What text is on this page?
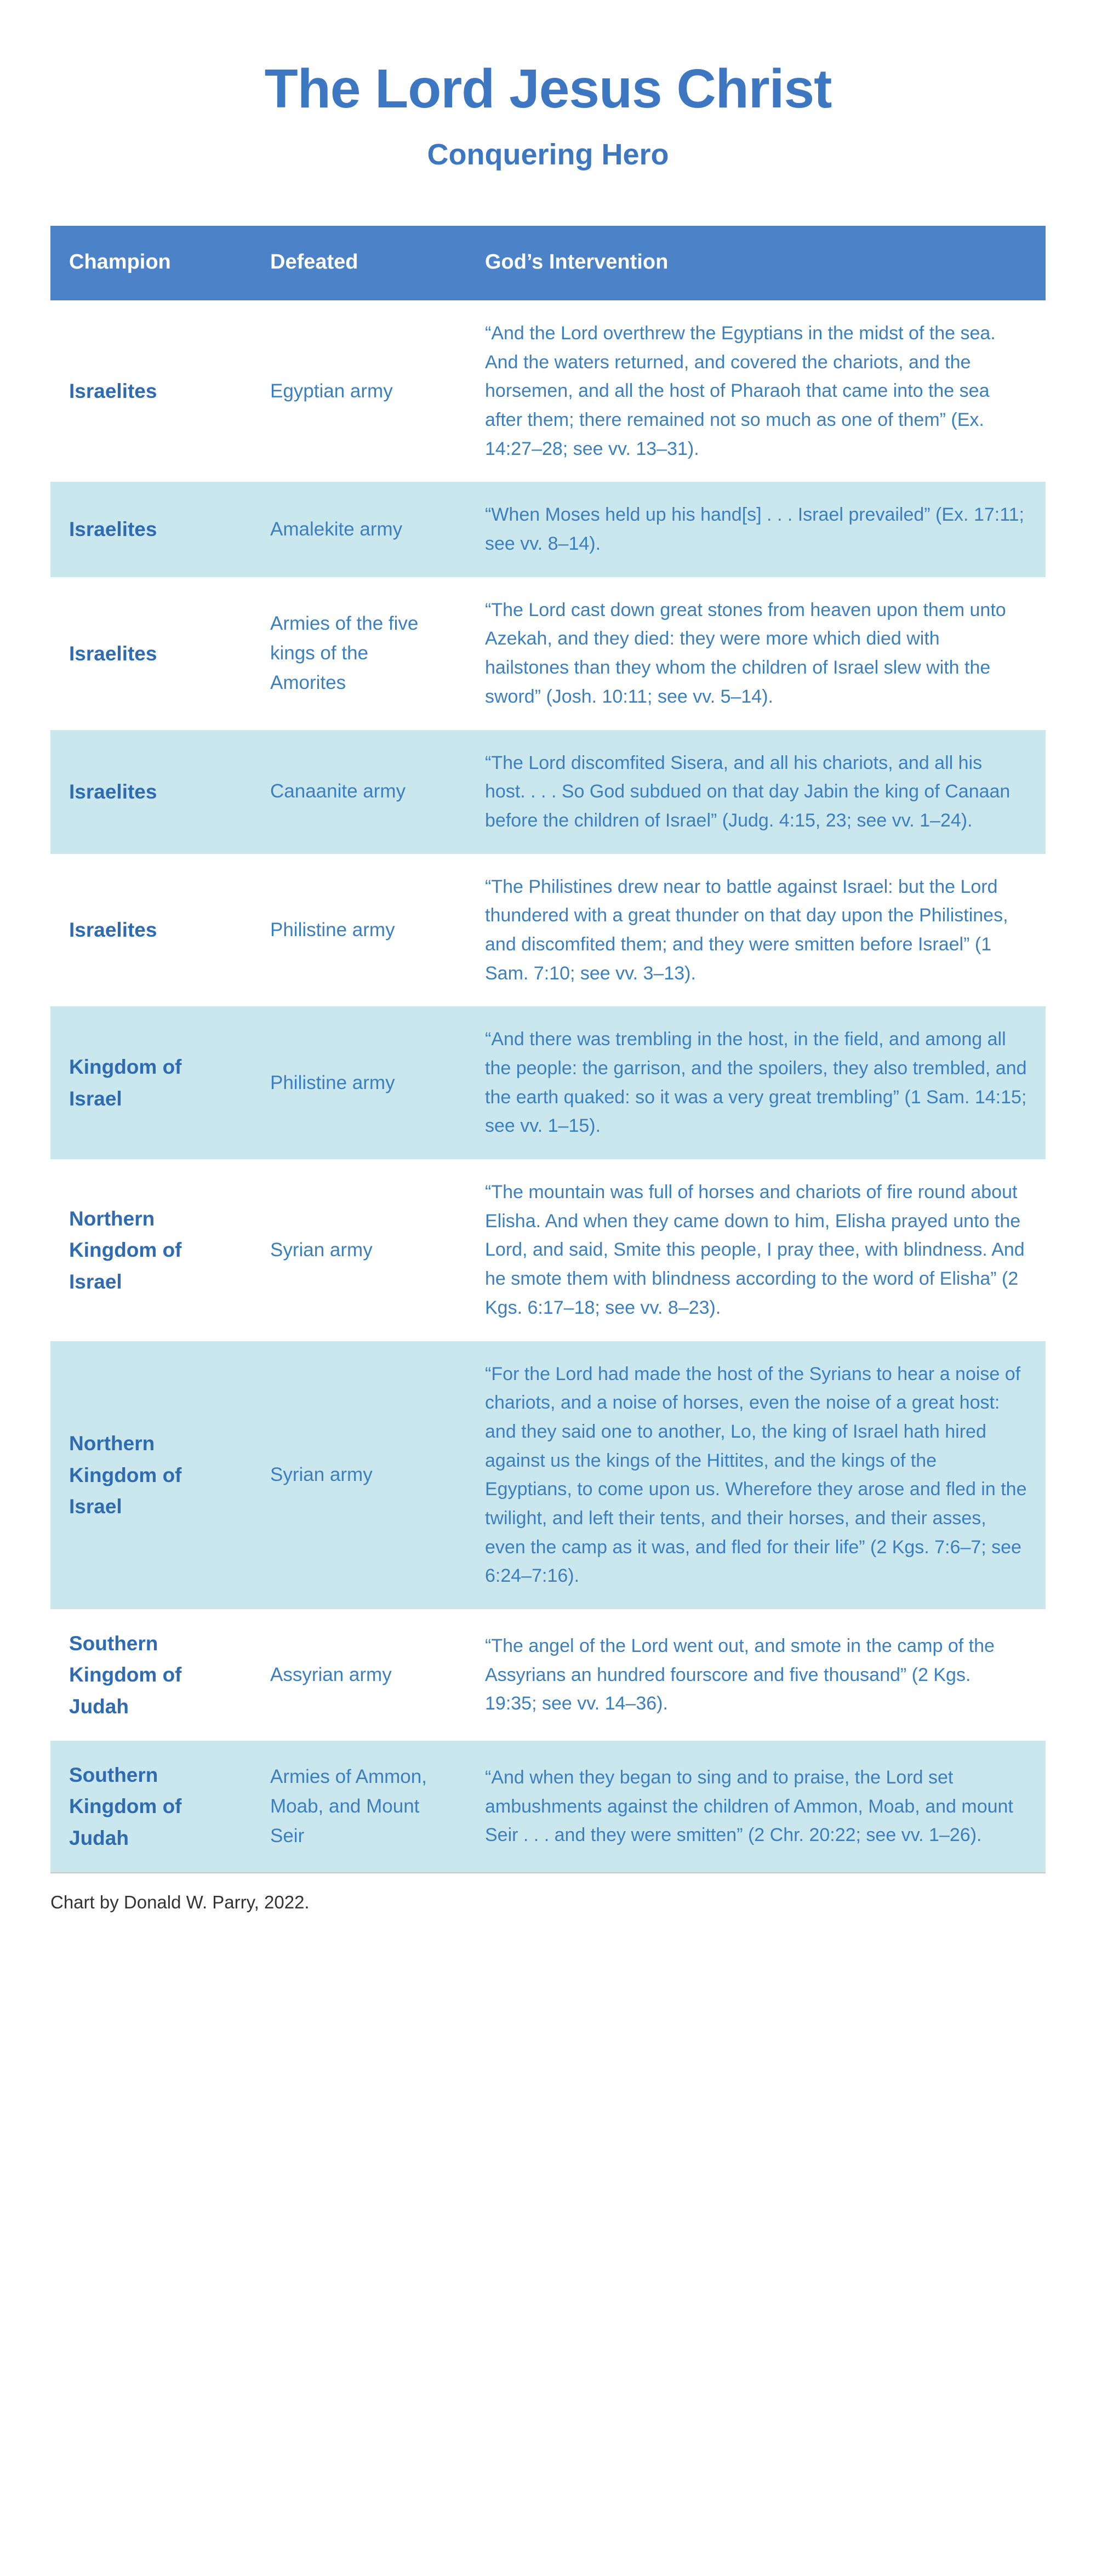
The Lord Jesus Christ
Conquering Hero
Champion	Defeated	God’s Intervention
Israelites	Egyptian army	“And the Lord overthrew the Egyptians in the midst of the sea. And the waters returned, and covered the chariots, and the horsemen, and all the host of Pharaoh that came into the sea after them; there remained not so much as one of them” (Ex. 14:27–28; see vv. 13–31).
Israelites	Amalekite army	“When Moses held up his hand[s] . . . Israel prevailed” (Ex. 17:11; see vv. 8–14).
Israelites	Armies of the five kings of the Amorites	“The Lord cast down great stones from heaven upon them unto Azekah, and they died: they were more which died with hailstones than they whom the children of Israel slew with the sword” (Josh. 10:11; see vv. 5–14).
Israelites	Canaanite army	“The Lord discomfited Sisera, and all his chariots, and all his host. . . . So God subdued on that day Jabin the king of Canaan before the children of Israel” (Judg. 4:15, 23; see vv. 1–24).
Israelites	Philistine army	“The Philistines drew near to battle against Israel: but the Lord thundered with a great thunder on that day upon the Philistines, and discomfited them; and they were smitten before Israel” (1 Sam. 7:10; see vv. 3–13).
Kingdom of Israel	Philistine army	“And there was trembling in the host, in the field, and among all the people: the garrison, and the spoilers, they also trembled, and the earth quaked: so it was a very great trembling” (1 Sam. 14:15; see vv. 1–15).
Northern Kingdom of Israel	Syrian army	“The mountain was full of horses and chariots of fire round about Elisha. And when they came down to him, Elisha prayed unto the Lord, and said, Smite this people, I pray thee, with blindness. And he smote them with blindness according to the word of Elisha” (2 Kgs. 6:17–18; see vv. 8–23).
Northern Kingdom of Israel	Syrian army	“For the Lord had made the host of the Syrians to hear a noise of chariots, and a noise of horses, even the noise of a great host: and they said one to another, Lo, the king of Israel hath hired against us the kings of the Hittites, and the kings of the Egyptians, to come upon us. Wherefore they arose and fled in the twilight, and left their tents, and their horses, and their asses, even the camp as it was, and fled for their life” (2 Kgs. 7:6–7; see 6:24–7:16).
Southern Kingdom of Judah	Assyrian army	“The angel of the Lord went out, and smote in the camp of the Assyrians an hundred fourscore and five thousand” (2 Kgs. 19:35; see vv. 14–36).
Southern Kingdom of Judah	Armies of Ammon, Moab, and Mount Seir	“And when they began to sing and to praise, the Lord set ambushments against the children of Ammon, Moab, and mount Seir . . . and they were smitten” (2 Chr. 20:22; see vv. 1–26).
Chart by Donald W. Parry, 2022.
